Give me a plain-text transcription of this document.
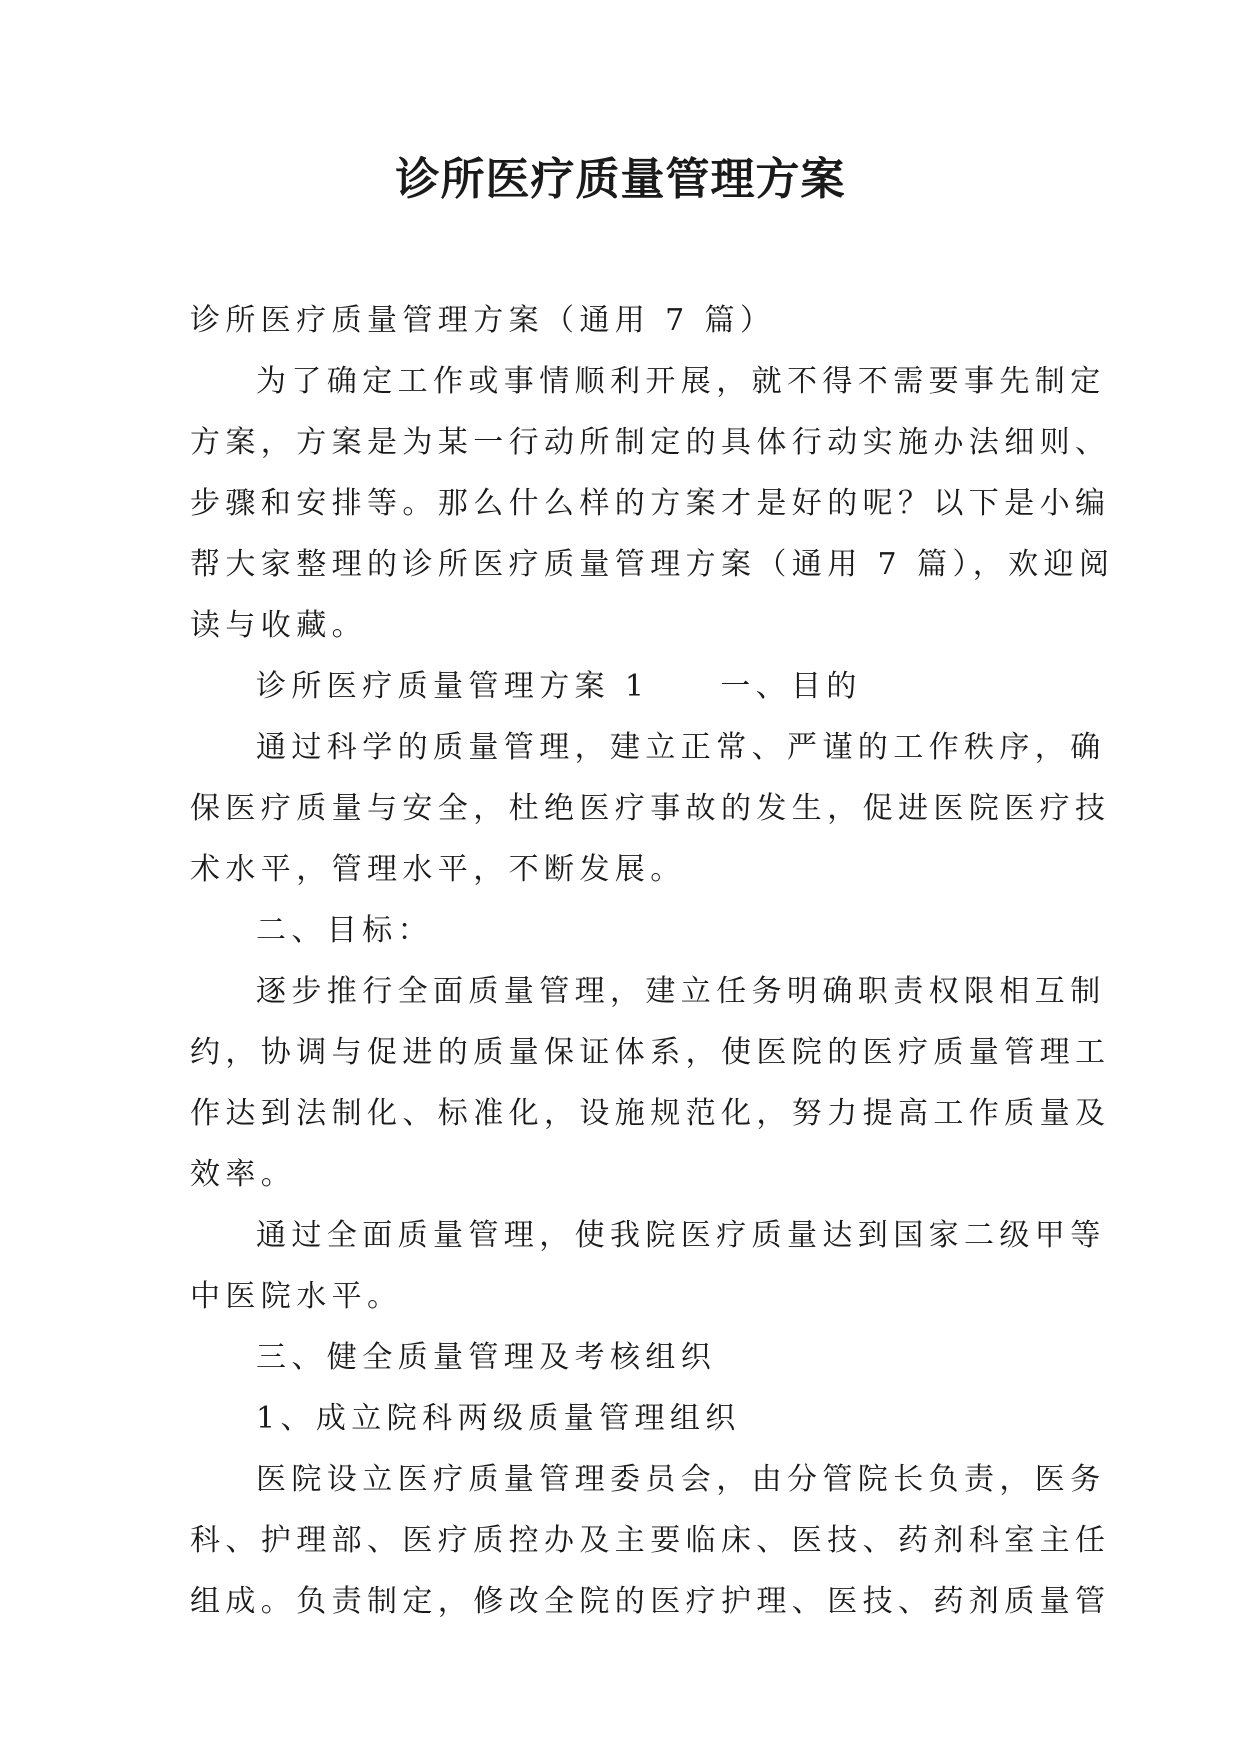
诊所医疗质量管理方案
诊所医疗质量管理方案（通用 7 篇）
为了确定工作或事情顺利开展，就不得不需要事先制定
方案，方案是为某一行动所制定的具体行动实施办法细则、
步骤和安排等。那么什么样的方案才是好的呢？以下是小编
帮大家整理的诊所医疗质量管理方案（通用 7 篇），欢迎阅
读与收藏。
诊所医疗质量管理方案 1　　一、目的
通过科学的质量管理，建立正常、严谨的工作秩序，确
保医疗质量与安全，杜绝医疗事故的发生，促进医院医疗技
术水平，管理水平，不断发展。
二、目标：
逐步推行全面质量管理，建立任务明确职责权限相互制
约，协调与促进的质量保证体系，使医院的医疗质量管理工
作达到法制化、标准化，设施规范化，努力提高工作质量及
效率。
通过全面质量管理，使我院医疗质量达到国家二级甲等
中医院水平。
三、健全质量管理及考核组织
1、成立院科两级质量管理组织
医院设立医疗质量管理委员会，由分管院长负责，医务
科、护理部、医疗质控办及主要临床、医技、药剂科室主任
组成。负责制定，修改全院的医疗护理、医技、药剂质量管
